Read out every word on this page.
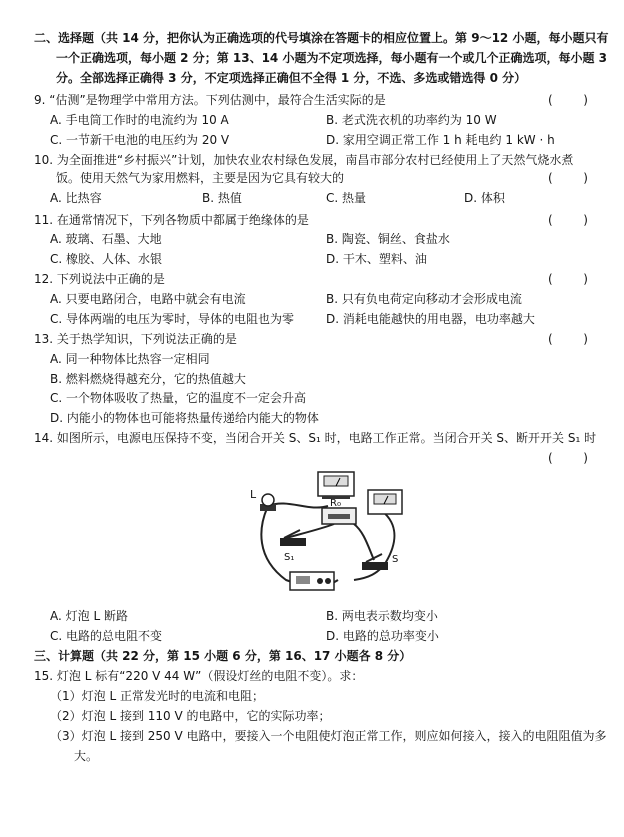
二、选择题（共 14 分，把你认为正确选项的代号填涂在答题卡的相应位置上。第 9～12 小题，每小题只有
一个正确选项，每小题 2 分；第 13、14 小题为不定项选择，每小题有一个或几个正确选项，每小题 3
分。全部选择正确得 3 分，不定项选择正确但不全得 1 分，不选、多选或错选得 0 分）
9. “估测”是物理学中常用方法。下列估测中，最符合生活实际的是	(        )
A. 手电筒工作时的电流约为 10 A	B. 老式洗衣机的功率约为 10 W
C. 一节新干电池的电压约为 20 V	D. 家用空调正常工作 1 h 耗电约 1 kW · h
10. 为全面推进“乡村振兴”计划，加快农业农村绿色发展，南昌市部分农村已经使用上了天然气烧水煮
饭。使用天然气为家用燃料，主要是因为它具有较大的	(        )
A. 比热容	B. 热值	C. 热量	D. 体积
11. 在通常情况下，下列各物质中都属于绝缘体的是	(        )
A. 玻璃、石墨、大地	B. 陶瓷、铜丝、食盐水
C. 橡胶、人体、水银	D. 干木、塑料、油
12. 下列说法中正确的是	(        )
A. 只要电路闭合，电路中就会有电流	B. 只有负电荷定向移动才会形成电流
C. 导体两端的电压为零时，导体的电阻也为零	D. 消耗电能越快的用电器，电功率越大
13. 关于热学知识，下列说法正确的是	(        )
A. 同一种物体比热容一定相同
B. 燃料燃烧得越充分，它的热值越大
C. 一个物体吸收了热量，它的温度不一定会升高
D. 内能小的物体也可能将热量传递给内能大的物体
14. 如图所示，电源电压保持不变，当闭合开关 S、S₁ 时，电路工作正常。当闭合开关 S、断开开关 S₁ 时
(        )
L
R₀
S₁	S
A. 灯泡 L 断路	B. 两电表示数均变小
C. 电路的总电阻不变	D. 电路的总功率变小
三、计算题（共 22 分，第 15 小题 6 分，第 16、17 小题各 8 分）
15. 灯泡 L 标有“220 V 44 W”（假设灯丝的电阻不变）。求：
（1）灯泡 L 正常发光时的电流和电阻；
（2）灯泡 L 接到 110 V 的电路中，它的实际功率；
（3）灯泡 L 接到 250 V 电路中，要接入一个电阻使灯泡正常工作，则应如何接入，接入的电阻阻值为多
大。
